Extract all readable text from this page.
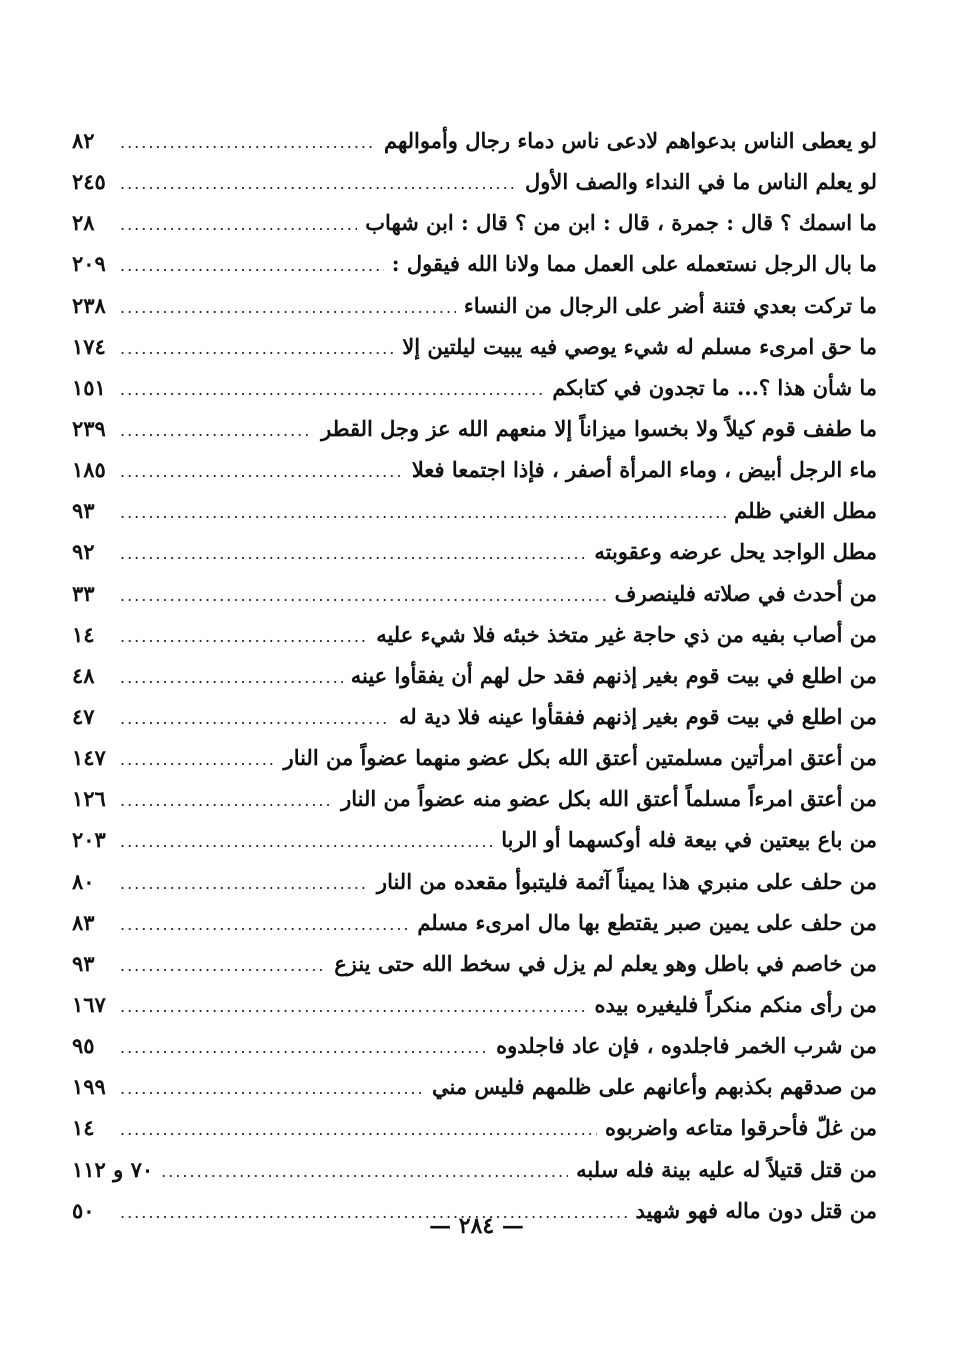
لو يعطى الناس بدعواهم لادعى ناس دماء رجال وأموالهم
.....
٨٢
لو يعلم الناس ما في النداء والصف الأول
.....
٢٤٥
ما اسمك ؟ قال : جمرة ، قال : ابن من ؟ قال : ابن شهاب
.....
٢٨
ما بال الرجل نستعمله على العمل مما ولانا الله فيقول :
.....
٢٠٩
ما تركت بعدي فتنة أضر على الرجال من النساء
.....
٢٣٨
ما حق امرىء مسلم له شيء يوصي فيه يبيت ليلتين إلا
.....
١٧٤
ما شأن هذا ؟... ما تجدون في كتابكم
.....
١٥١
ما طفف قوم كيلاً ولا بخسوا ميزاناً إلا منعهم الله عز وجل القطر
.....
٢٣٩
ماء الرجل أبيض ، وماء المرأة أصفر ، فإذا اجتمعا فعلا
.....
١٨٥
مطل الغني ظلم
.....
٩٣
مطل الواجد يحل عرضه وعقوبته
.....
٩٢
من أحدث في صلاته فلينصرف
.....
٣٣
من أصاب بفيه من ذي حاجة غير متخذ خبئه فلا شيء عليه
.....
١٤
من اطلع في بيت قوم بغير إذنهم فقد حل لهم أن يفقأوا عينه
.....
٤٨
من اطلع في بيت قوم بغير إذنهم ففقأوا عينه فلا دية له
.....
٤٧
من أعتق امرأتين مسلمتين أعتق الله بكل عضو منهما عضواً من النار
.....
١٤٧
من أعتق امرءاً مسلماً أعتق الله بكل عضو منه عضواً من النار
.....
١٢٦
من باع بيعتين في بيعة فله أوكسهما أو الربا
.....
٢٠٣
من حلف على منبري هذا يميناً آثمة فليتبوأ مقعده من النار
.....
٨٠
من حلف على يمين صبر يقتطع بها مال امرىء مسلم
.....
٨٣
من خاصم في باطل وهو يعلم لم يزل في سخط الله حتى ينزع
.....
٩٣
من رأى منكم منكراً فليغيره بيده
.....
١٦٧
من شرب الخمر فاجلدوه ، فإن عاد فاجلدوه
.....
٩٥
من صدقهم بكذبهم وأعانهم على ظلمهم فليس مني
.....
١٩٩
من غلّ فأحرقوا متاعه واضربوه
.....
١٤
من قتل قتيلاً له عليه بينة فله سلبه
.....
٧٠ و ١١٢
من قتل دون ماله فهو شهيد
.....
٥٠
— ٢٨٤ —
